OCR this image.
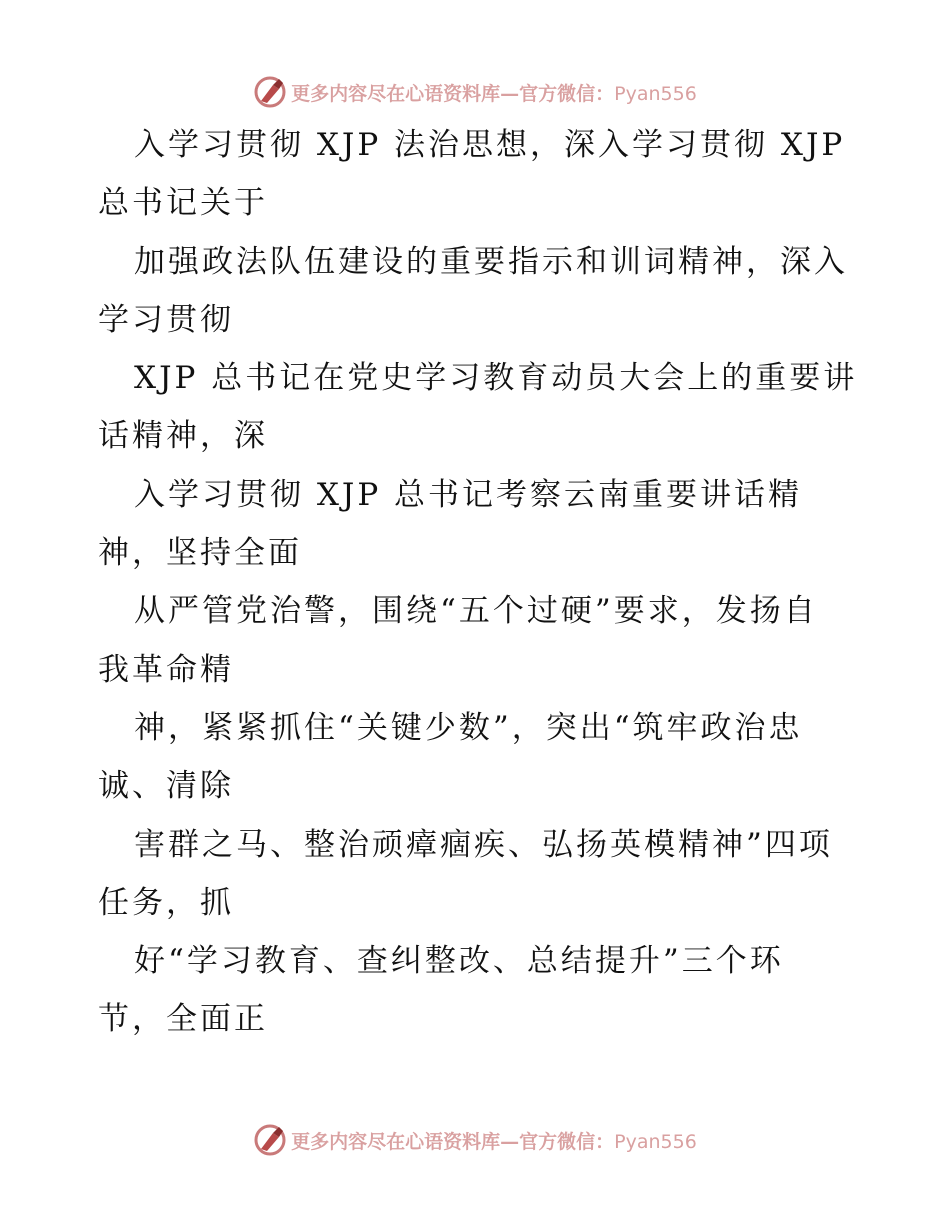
更多内容尽在心语资料库—官方微信：Pyan556
入学习贯彻 XJP 法治思想，深入学习贯彻 XJP
总书记关于
加强政法队伍建设的重要指示和训词精神，深入
学习贯彻
XJP 总书记在党史学习教育动员大会上的重要讲
话精神，深
入学习贯彻 XJP 总书记考察云南重要讲话精
神，坚持全面
从严管党治警，围绕“五个过硬”要求，发扬自
我革命精
神，紧紧抓住“关键少数”，突出“筑牢政治忠
诚、清除
害群之马、整治顽瘴痼疾、弘扬英模精神”四项
任务，抓
好“学习教育、查纠整改、总结提升”三个环
节，全面正
更多内容尽在心语资料库—官方微信：Pyan556
